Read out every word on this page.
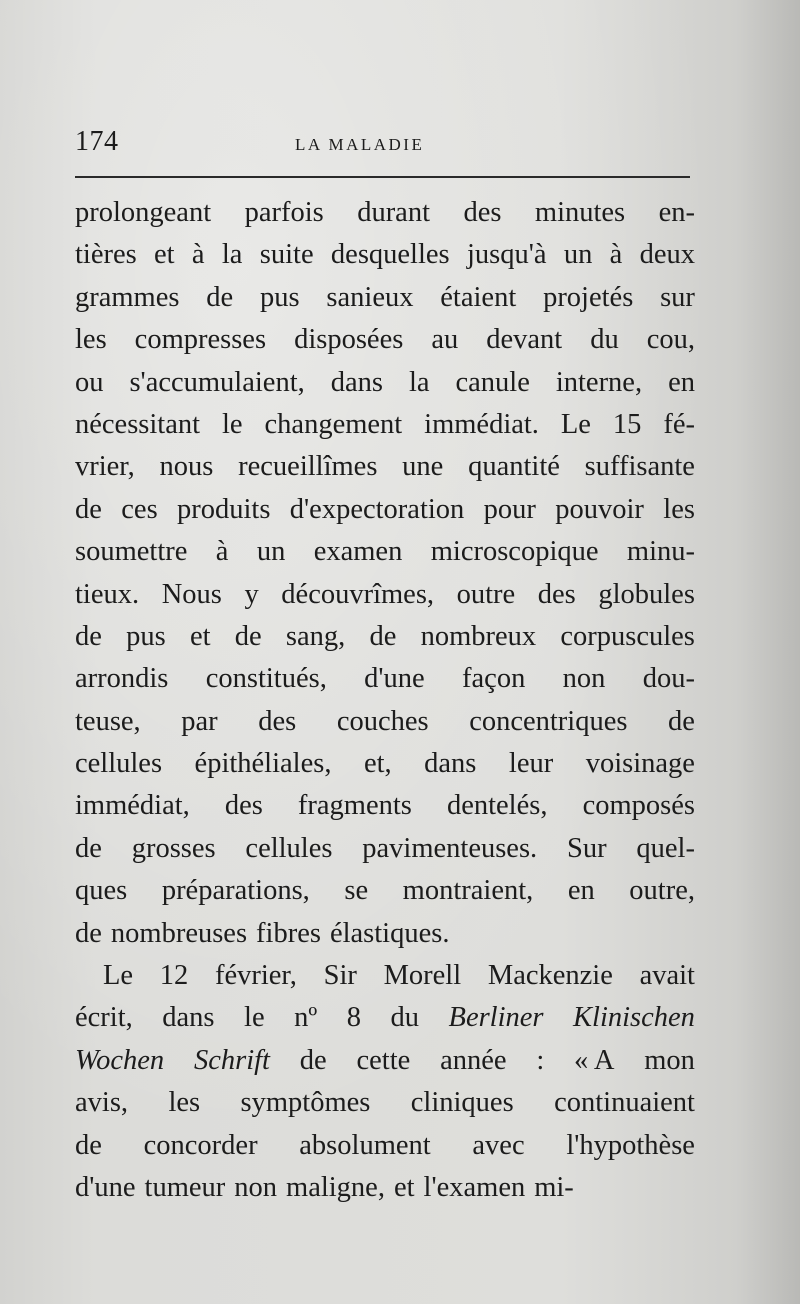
174	LA MALADIE
prolongeant parfois durant des minutes en-
tières et à la suite desquelles jusqu'à un à deux
grammes de pus sanieux étaient projetés sur
les compresses disposées au devant du cou,
ou s'accumulaient, dans la canule interne, en
nécessitant le changement immédiat. Le 15 fé-
vrier, nous recueillîmes une quantité suffisante
de ces produits d'expectoration pour pouvoir les
soumettre à un examen microscopique minu-
tieux. Nous y découvrîmes, outre des globules
de pus et de sang, de nombreux corpuscules
arrondis constitués, d'une façon non dou-
teuse, par des couches concentriques de
cellules épithéliales, et, dans leur voisinage
immédiat, des fragments dentelés, composés
de grosses cellules pavimenteuses. Sur quel-
ques préparations, se montraient, en outre,
de nombreuses fibres élastiques.
Le 12 février, Sir Morell Mackenzie avait
écrit, dans le nº 8 du Berliner Klinischen
Wochen Schrift de cette année : « A mon
avis, les symptômes cliniques continuaient
de concorder absolument avec l'hypothèse
d'une tumeur non maligne, et l'examen mi-
